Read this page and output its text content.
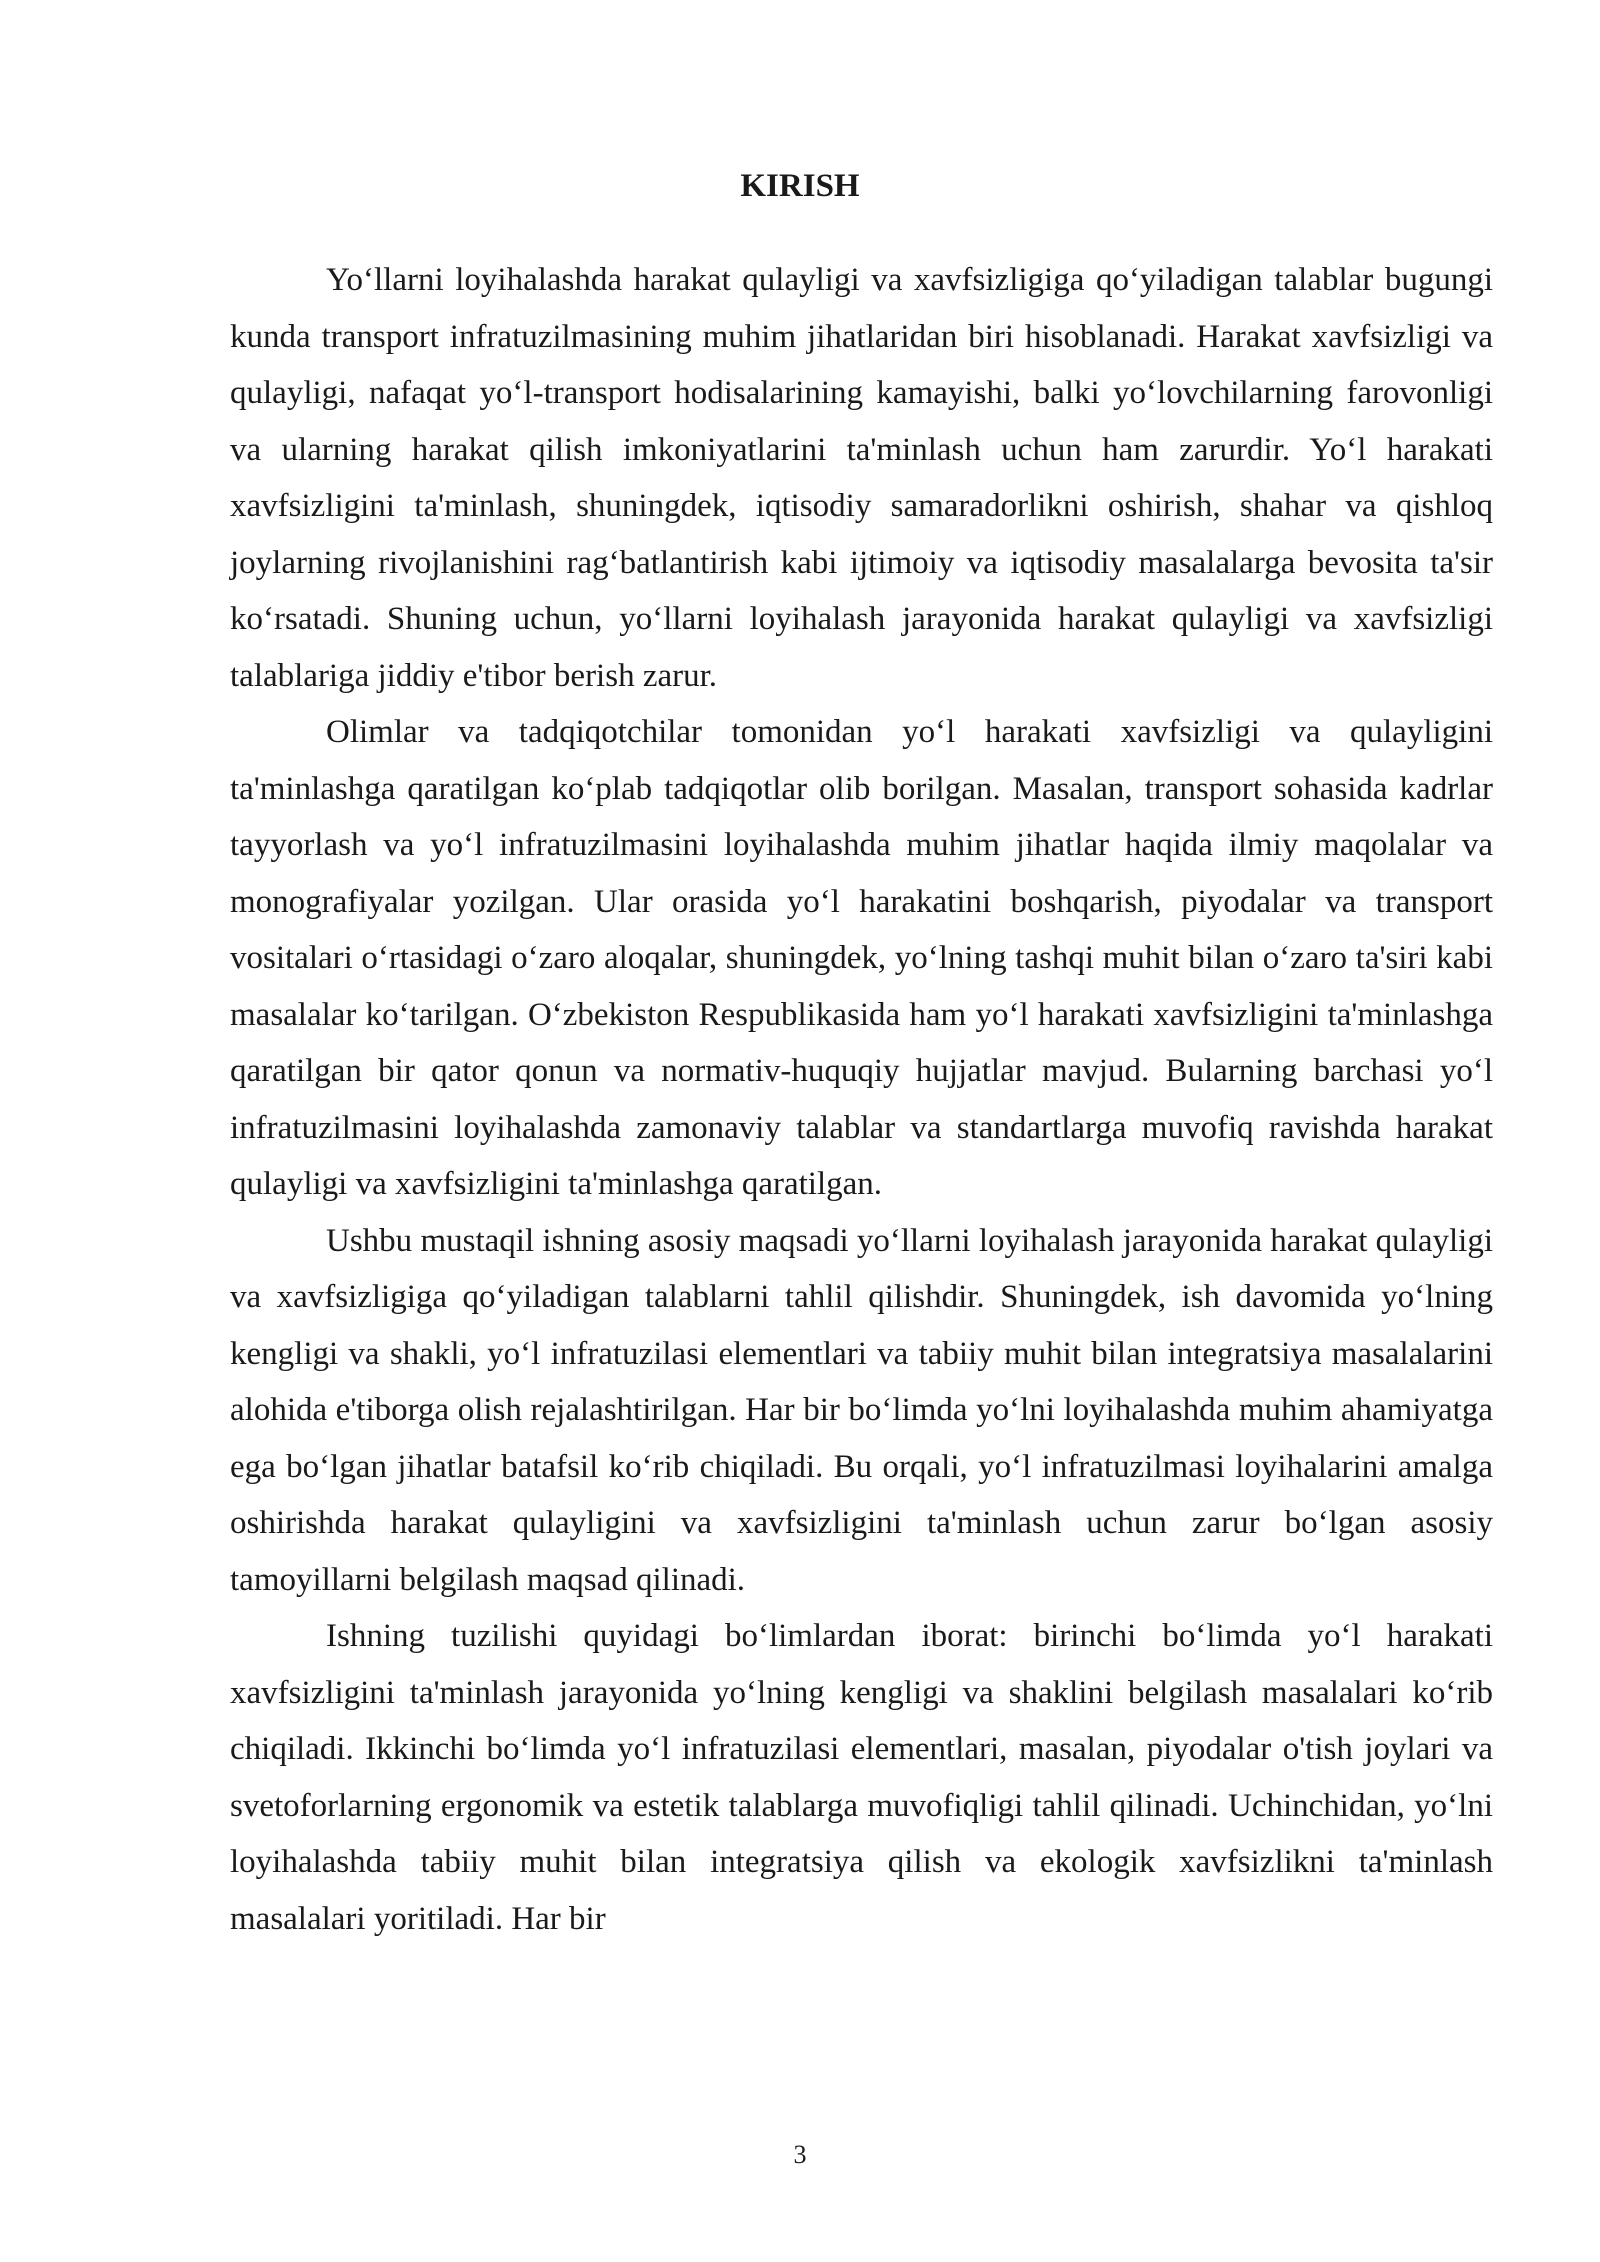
KIRISH

Yo‘llarni loyihalashda harakat qulayligi va xavfsizligiga qo‘yiladigan talablar bugungi kunda transport infratuzilmasining muhim jihatlaridan biri hisoblanadi. Harakat xavfsizligi va qulayligi, nafaqat yo‘l-transport hodisalarining kamayishi, balki yo‘lovchilarning farovonligi va ularning harakat qilish imkoniyatlarini ta'minlash uchun ham zarurdir. Yo‘l harakati xavfsizligini ta'minlash, shuningdek, iqtisodiy samaradorlikni oshirish, shahar va qishloq joylarning rivojlanishini rag‘batlantirish kabi ijtimoiy va iqtisodiy masalalarga bevosita ta'sir ko‘rsatadi. Shuning uchun, yo‘llarni loyihalash jarayonida harakat qulayligi va xavfsizligi talablariga jiddiy e'tibor berish zarur.

Olimlar va tadqiqotchilar tomonidan yo‘l harakati xavfsizligi va qulayligini ta'minlashga qaratilgan ko‘plab tadqiqotlar olib borilgan. Masalan, transport sohasida kadrlar tayyorlash va yo‘l infratuzilmasini loyihalashda muhim jihatlar haqida ilmiy maqolalar va monografiyalar yozilgan. Ular orasida yo‘l harakatini boshqarish, piyodalar va transport vositalari o‘rtasidagi o‘zaro aloqalar, shuningdek, yo‘lning tashqi muhit bilan o‘zaro ta'siri kabi masalalar ko‘tarilgan. O‘zbekiston Respublikasida ham yo‘l harakati xavfsizligini ta'minlashga qaratilgan bir qator qonun va normativ-huquqiy hujjatlar mavjud. Bularning barchasi yo‘l infratuzilmasini loyihalashda zamonaviy talablar va standartlarga muvofiq ravishda harakat qulayligi va xavfsizligini ta'minlashga qaratilgan.

Ushbu mustaqil ishning asosiy maqsadi yo‘llarni loyihalash jarayonida harakat qulayligi va xavfsizligiga qo‘yiladigan talablarni tahlil qilishdir. Shuningdek, ish davomida yo‘lning kengligi va shakli, yo‘l infratuzilasi elementlari va tabiiy muhit bilan integratsiya masalalarini alohida e'tiborga olish rejalashtirilgan. Har bir bo‘limda yo‘lni loyihalashda muhim ahamiyatga ega bo‘lgan jihatlar batafsil ko‘rib chiqiladi. Bu orqali, yo‘l infratuzilmasi loyihalarini amalga oshirishda harakat qulayligini va xavfsizligini ta'minlash uchun zarur bo‘lgan asosiy tamoyillarni belgilash maqsad qilinadi.

Ishning tuzilishi quyidagi bo‘limlardan iborat: birinchi bo‘limda yo‘l harakati xavfsizligini ta'minlash jarayonida yo‘lning kengligi va shaklini belgilash masalalari ko‘rib chiqiladi. Ikkinchi bo‘limda yo‘l infratuzilasi elementlari, masalan, piyodalar o'tish joylari va svetoforlarning ergonomik va estetik talablarga muvofiqligi tahlil qilinadi. Uchinchidan, yo‘lni loyihalashda tabiiy muhit bilan integratsiya qilish va ekologik xavfsizlikni ta'minlash masalalari yoritiladi. Har bir

3
